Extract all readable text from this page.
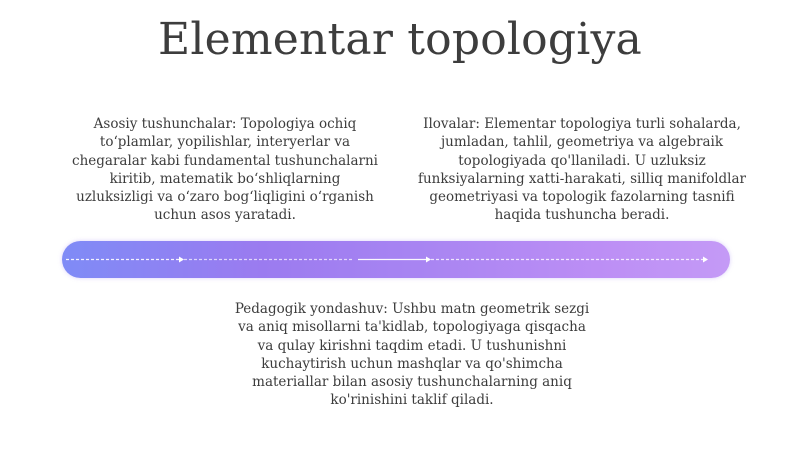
Elementar topologiya
Asosiy tushunchalar: Topologiya ochiq to‘plamlar, yopilishlar, interyerlar va chegaralar kabi fundamental tushunchalarni kiritib, matematik bo‘shliqlarning uzluksizligi va o‘zaro bog‘liqligini o‘rganish uchun asos yaratadi.
Ilovalar: Elementar topologiya turli sohalarda, jumladan, tahlil, geometriya va algebraik topologiyada qo'llaniladi. U uzluksiz funksiyalarning xatti-harakati, silliq manifoldlar geometriyasi va topologik fazolarning tasnifi haqida tushuncha beradi.
Pedagogik yondashuv: Ushbu matn geometrik sezgi va aniq misollarni ta'kidlab, topologiyaga qisqacha va qulay kirishni taqdim etadi. U tushunishni kuchaytirish uchun mashqlar va qo'shimcha materiallar bilan asosiy tushunchalarning aniq ko'rinishini taklif qiladi.
